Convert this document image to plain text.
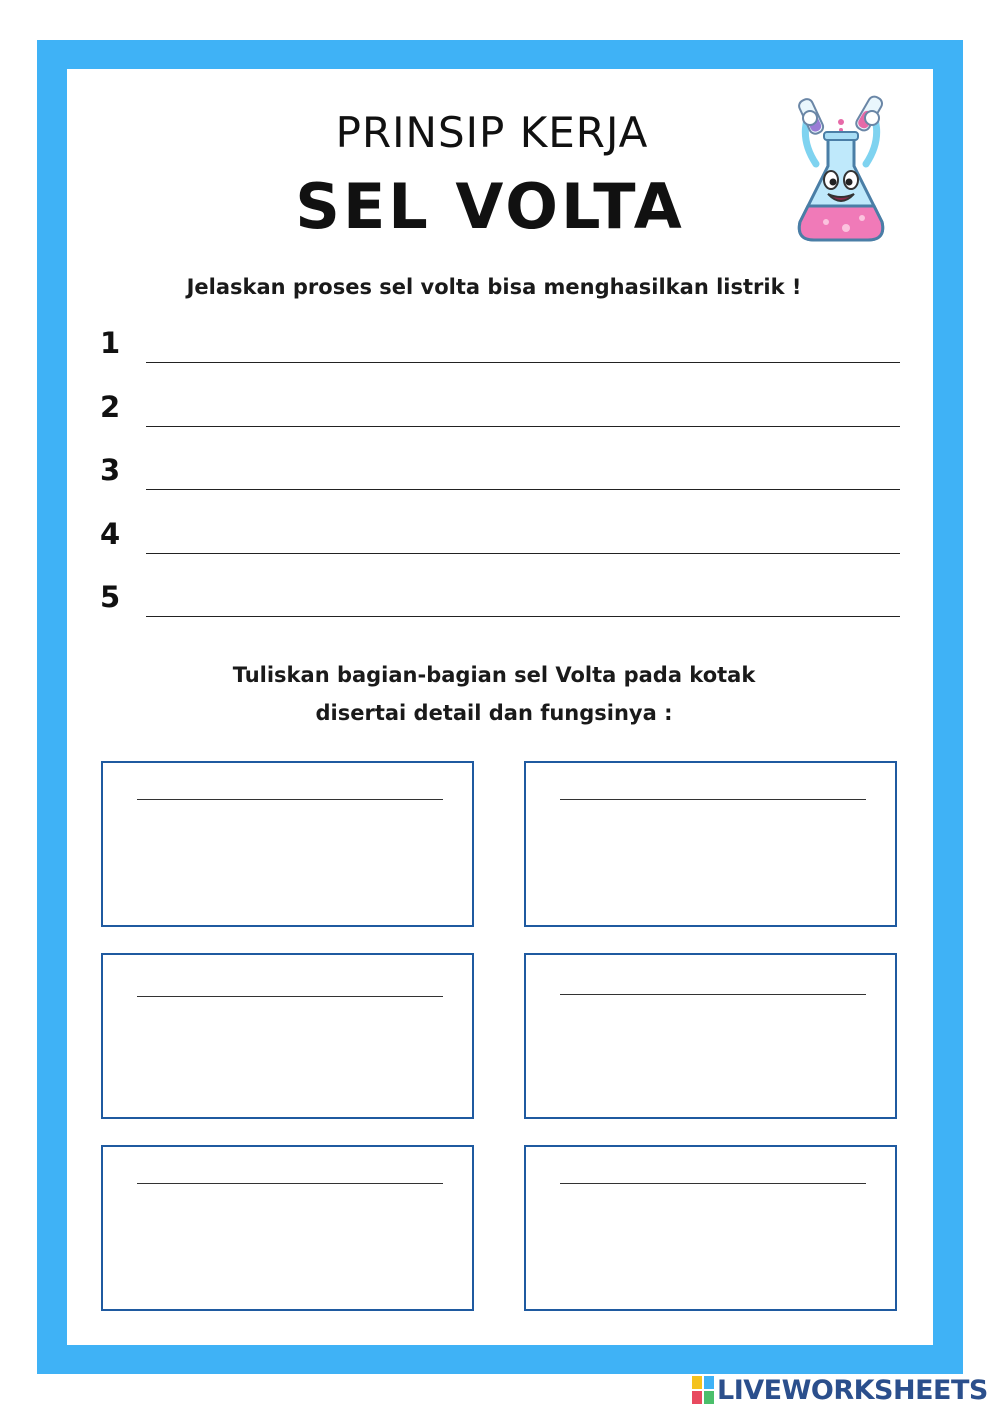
PRINSIP KERJA
SEL VOLTA
Jelaskan proses sel volta bisa menghasilkan listrik !
1
2
3
4
5
Tuliskan bagian-bagian sel Volta pada kotak
disertai detail dan fungsinya :
LIVEWORKSHEETS
